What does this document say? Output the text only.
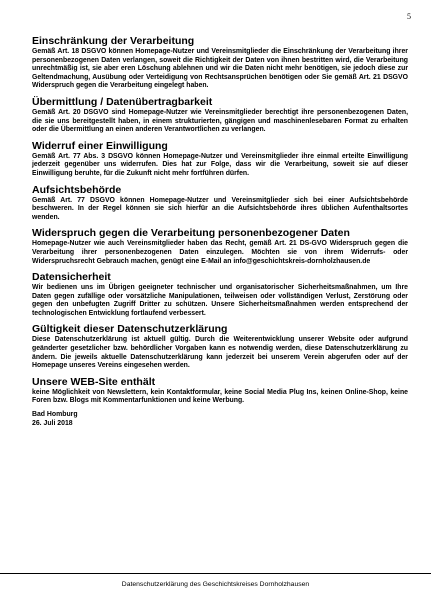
5
Einschränkung der Verarbeitung

Gemäß Art. 18 DSGVO können Homepage-Nutzer und Vereinsmitglieder die Einschränkung der Verarbeitung ihrer personenbezogenen Daten verlangen, soweit die Richtigkeit der Daten von ihnen bestritten wird, die Verarbeitung unrechtmäßig ist, sie aber eren Löschung ablehnen und wir die Daten nicht mehr benötigen, sie jedoch diese zur Geltendmachung, Ausübung oder Verteidigung von Rechtsansprüchen benötigen oder Sie gemäß Art. 21 DSGVO Widerspruch gegen die Verarbeitung eingelegt haben.

Übermittlung / Datenübertragbarkeit

Gemäß Art. 20 DSGVO sind Homepage-Nutzer wie Vereinsmitglieder berechtigt ihre personenbezogenen Daten, die sie uns bereitgestellt haben, in einem strukturierten, gängigen und maschinenlesebaren Format zu erhalten oder die Übermittlung an einen anderen Verantwortlichen zu verlangen.

Widerruf einer Einwilligung

Gemäß Art. 77 Abs. 3 DSGVO können Homepage-Nutzer und Vereinsmitglieder ihre einmal erteilte Einwilligung jederzeit gegenüber uns widerrufen. Dies hat zur Folge, dass wir die Verarbeitung, soweit sie auf dieser Einwilligung beruhte, für die Zukunft nicht mehr fortführen dürfen.

Aufsichtsbehörde

Gemäß Art. 77 DSGVO können Homepage-Nutzer und Vereinsmitglieder sich bei einer Aufsichtsbehörde beschweren. In der Regel können sie sich hierfür an die Aufsichtsbehörde ihres üblichen Aufenthaltsortes wenden.

Widerspruch gegen die Verarbeitung personenbezogener Daten

Homepage-Nutzer wie auch Vereinsmitglieder haben das Recht, gemäß Art. 21 DS-GVO Widerspruch gegen die Verarbeitung ihrer personenbezogenen Daten einzulegen. Möchten sie von ihrem Widerrufs- oder Widerspruchsrecht Gebrauch machen, genügt eine E-Mail an info@geschichtskreis-dornholzhausen.de

Datensicherheit

Wir bedienen uns im Übrigen geeigneter technischer und organisatorischer Sicherheitsmaßnahmen, um Ihre Daten gegen zufällige oder vorsätzliche Manipulationen, teilweisen oder vollständigen Verlust, Zerstörung oder gegen den unbefugten Zugriff Dritter zu schützen. Unsere Sicherheitsmaßnahmen werden entsprechend der technologischen Entwicklung fortlaufend verbessert.

Gültigkeit dieser Datenschutzerklärung

Diese Datenschutzerklärung ist aktuell gültig. Durch die Weiterentwicklung unserer Website oder aufgrund geänderter gesetzlicher bzw. behördlicher Vorgaben kann es notwendig werden, diese Datenschutzerklärung zu ändern. Die jeweils aktuelle Datenschutzerklärung kann jederzeit bei unserem Verein abgerufen oder auf der Homepage unseres Vereins eingesehen werden.

Unsere WEB-Site enthält

keine Möglichkeit von Newslettern, kein Kontaktformular, keine Social Media Plug Ins, keinen Online-Shop, keine Foren bzw. Blogs mit Kommentarfunktionen und keine Werbung.

Bad Homburg
26. Juli 2018
Datenschutzerklärung des Geschichtskreises Dornholzhausen
